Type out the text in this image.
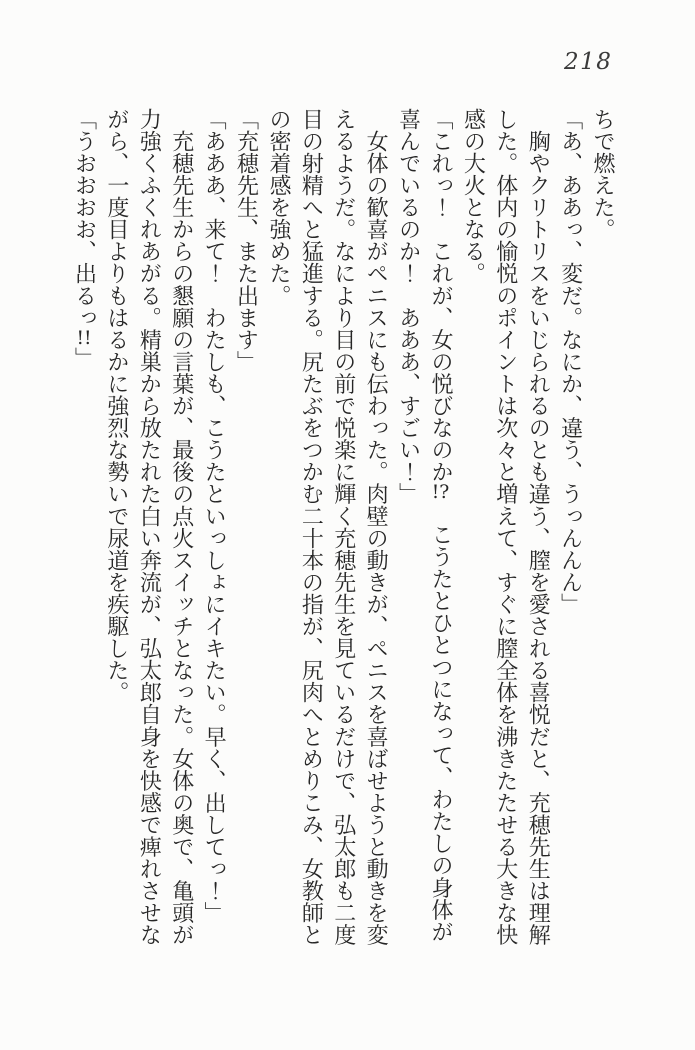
218
ちで燃えた。
「あ、ああっ、変だ。なにか、違う、うっんんん」
　胸やクリトリスをいじられるのとも違う、膣を愛される喜悦だと、充穂先生は理解
した。体内の愉悦のポイントは次々と増えて、すぐに膣全体を沸きたたせる大きな快
感の大火となる。
「これっ！　これが、女の悦びなのか!?　こうたとひとつになって、わたしの身体が
喜んでいるのか！　あああ、すごい！」
　女体の歓喜がペニスにも伝わった。肉壁の動きが、ペニスを喜ばせようと動きを変
えるようだ。なにより目の前で悦楽に輝く充穂先生を見ているだけで、弘太郎も二度
目の射精へと猛進する。尻たぶをつかむ二十本の指が、尻肉へとめりこみ、女教師と
の密着感を強めた。
「充穂先生、また出ます」
「あああ、来て！　わたしも、こうたといっしょにイキたい。早く、出してっ！」
　充穂先生からの懇願の言葉が、最後の点火スイッチとなった。女体の奥で、亀頭が
力強くふくれあがる。精巣から放たれた白い奔流が、弘太郎自身を快感で痺れさせな
がら、一度目よりもはるかに強烈な勢いで尿道を疾駆した。
「うおおおお、出るっ!!」
